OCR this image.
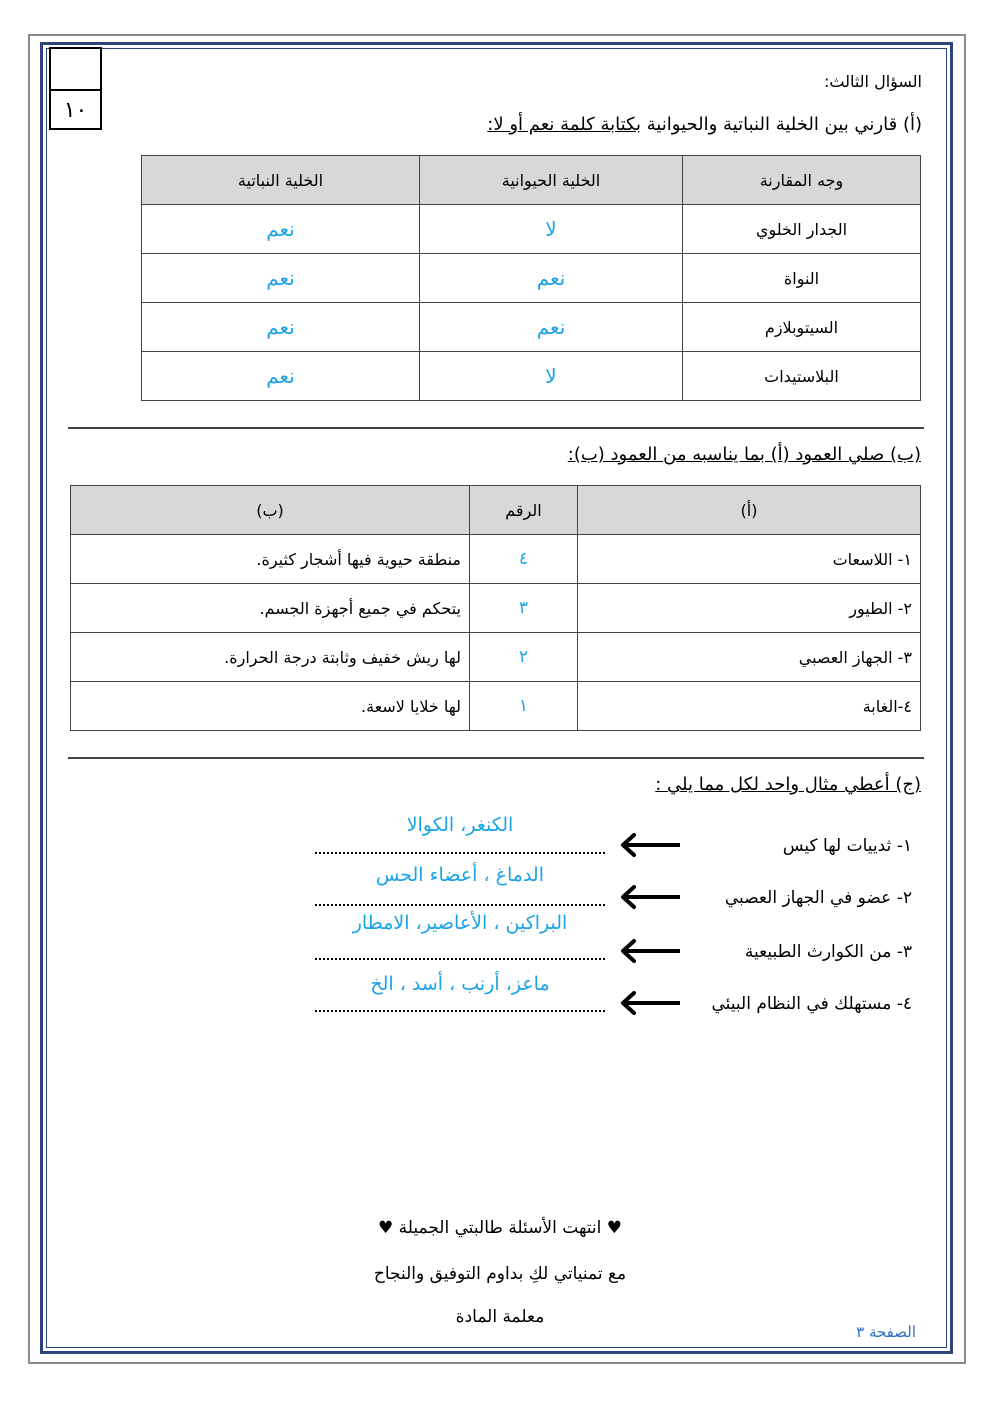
١٠
السؤال الثالث:
(أ) قارني بين الخلية النباتية والحيوانية بكتابة كلمة نعم أو لا:
وجه المقارنة	الخلية الحيوانية	الخلية النباتية
الجدار الخلوي	لا	نعم
النواة	نعم	نعم
السيتوبلازم	نعم	نعم
البلاستيدات	لا	نعم
(ب) صلي العمود (أ) بما يناسبه من العمود (ب):
(أ)	الرقم	(ب)
١- اللاسعات	٤	منطقة حيوية فيها أشجار كثيرة.
٢- الطيور	٣	يتحكم في جميع أجهزة الجسم.
٣- الجهاز العصبي	٢	لها ريش خفيف وثابتة درجة الحرارة.
٤-الغابة	١	لها خلايا لاسعة.
(ج) أعطي مثال واحد لكل مما يلي :
الكنغر، الكوالا
١- ثدييات لها كيس
الدماغ ، أعضاء الحس
٢- عضو في الجهاز العصبي
البراكين ، الأعاصير، الامطار
٣- من الكوارث الطبيعية
ماعز، أرنب ، أسد ، الخ
٤- مستهلك في النظام البيئي
♥ انتهت الأسئلة طالبتي الجميلة ♥
مع تمنياتي لكِ بداوم التوفيق والنجاح
معلمة المادة
الصفحة ٣
